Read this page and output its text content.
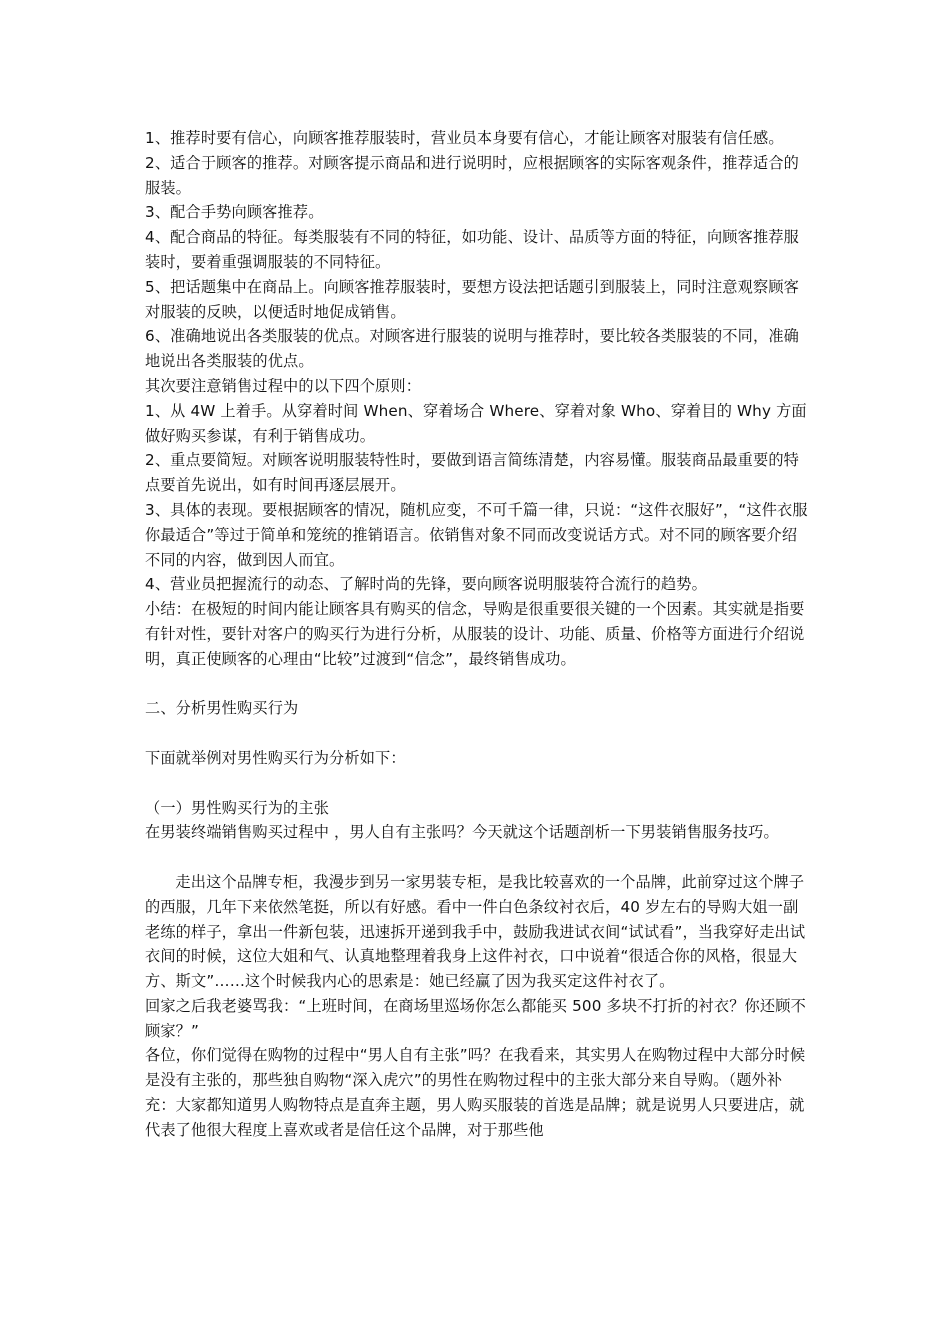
1、推荐时要有信心，向顾客推荐服装时，营业员本身要有信心，才能让顾客对服装有信任感。

2、适合于顾客的推荐。对顾客提示商品和进行说明时，应根据顾客的实际客观条件，推荐适合的服装。

3、配合手势向顾客推荐。

4、配合商品的特征。每类服装有不同的特征，如功能、设计、品质等方面的特征，向顾客推荐服装时，要着重强调服装的不同特征。

5、把话题集中在商品上。向顾客推荐服装时，要想方设法把话题引到服装上，同时注意观察顾客对服装的反映，以便适时地促成销售。

6、准确地说出各类服装的优点。对顾客进行服装的说明与推荐时，要比较各类服装的不同，准确地说出各类服装的优点。

其次要注意销售过程中的以下四个原则：

1、从 4W 上着手。从穿着时间 When、穿着场合 Where、穿着对象 Who、穿着目的 Why 方面做好购买参谋，有利于销售成功。

2、重点要简短。对顾客说明服装特性时，要做到语言简练清楚，内容易懂。服装商品最重要的特点要首先说出，如有时间再逐层展开。

3、具体的表现。要根据顾客的情况，随机应变，不可千篇一律，只说：“这件衣服好”，“这件衣服你最适合”等过于简单和笼统的推销语言。依销售对象不同而改变说话方式。对不同的顾客要介绍不同的内容，做到因人而宜。

4、营业员把握流行的动态、了解时尚的先锋，要向顾客说明服装符合流行的趋势。

小结：在极短的时间内能让顾客具有购买的信念，导购是很重要很关键的一个因素。其实就是指要有针对性，要针对客户的购买行为进行分析，从服装的设计、功能、质量、价格等方面进行介绍说明，真正使顾客的心理由“比较”过渡到“信念”，最终销售成功。

二、分析男性购买行为

下面就举例对男性购买行为分析如下：

（一）男性购买行为的主张

在男装终端销售购买过程中 ，男人自有主张吗？今天就这个话题剖析一下男装销售服务技巧。

走出这个品牌专柜，我漫步到另一家男装专柜，是我比较喜欢的一个品牌，此前穿过这个牌子的西服，几年下来依然笔挺，所以有好感。看中一件白色条纹衬衣后，40 岁左右的导购大姐一副老练的样子，拿出一件新包装，迅速拆开递到我手中，鼓励我进试衣间“试试看”，当我穿好走出试衣间的时候，这位大姐和气、认真地整理着我身上这件衬衣，口中说着“很适合你的风格，很显大方、斯文”……这个时候我内心的思索是：她已经赢了因为我买定这件衬衣了。

回家之后我老婆骂我：“上班时间，在商场里巡场你怎么都能买 500 多块不打折的衬衣？你还顾不顾家？”

各位，你们觉得在购物的过程中“男人自有主张”吗？在我看来，其实男人在购物过程中大部分时候是没有主张的，那些独自购物“深入虎穴”的男性在购物过程中的主张大部分来自导购。（题外补充：大家都知道男人购物特点是直奔主题，男人购买服装的首选是品牌；就是说男人只要进店，就代表了他很大程度上喜欢或者是信任这个品牌，对于那些他
